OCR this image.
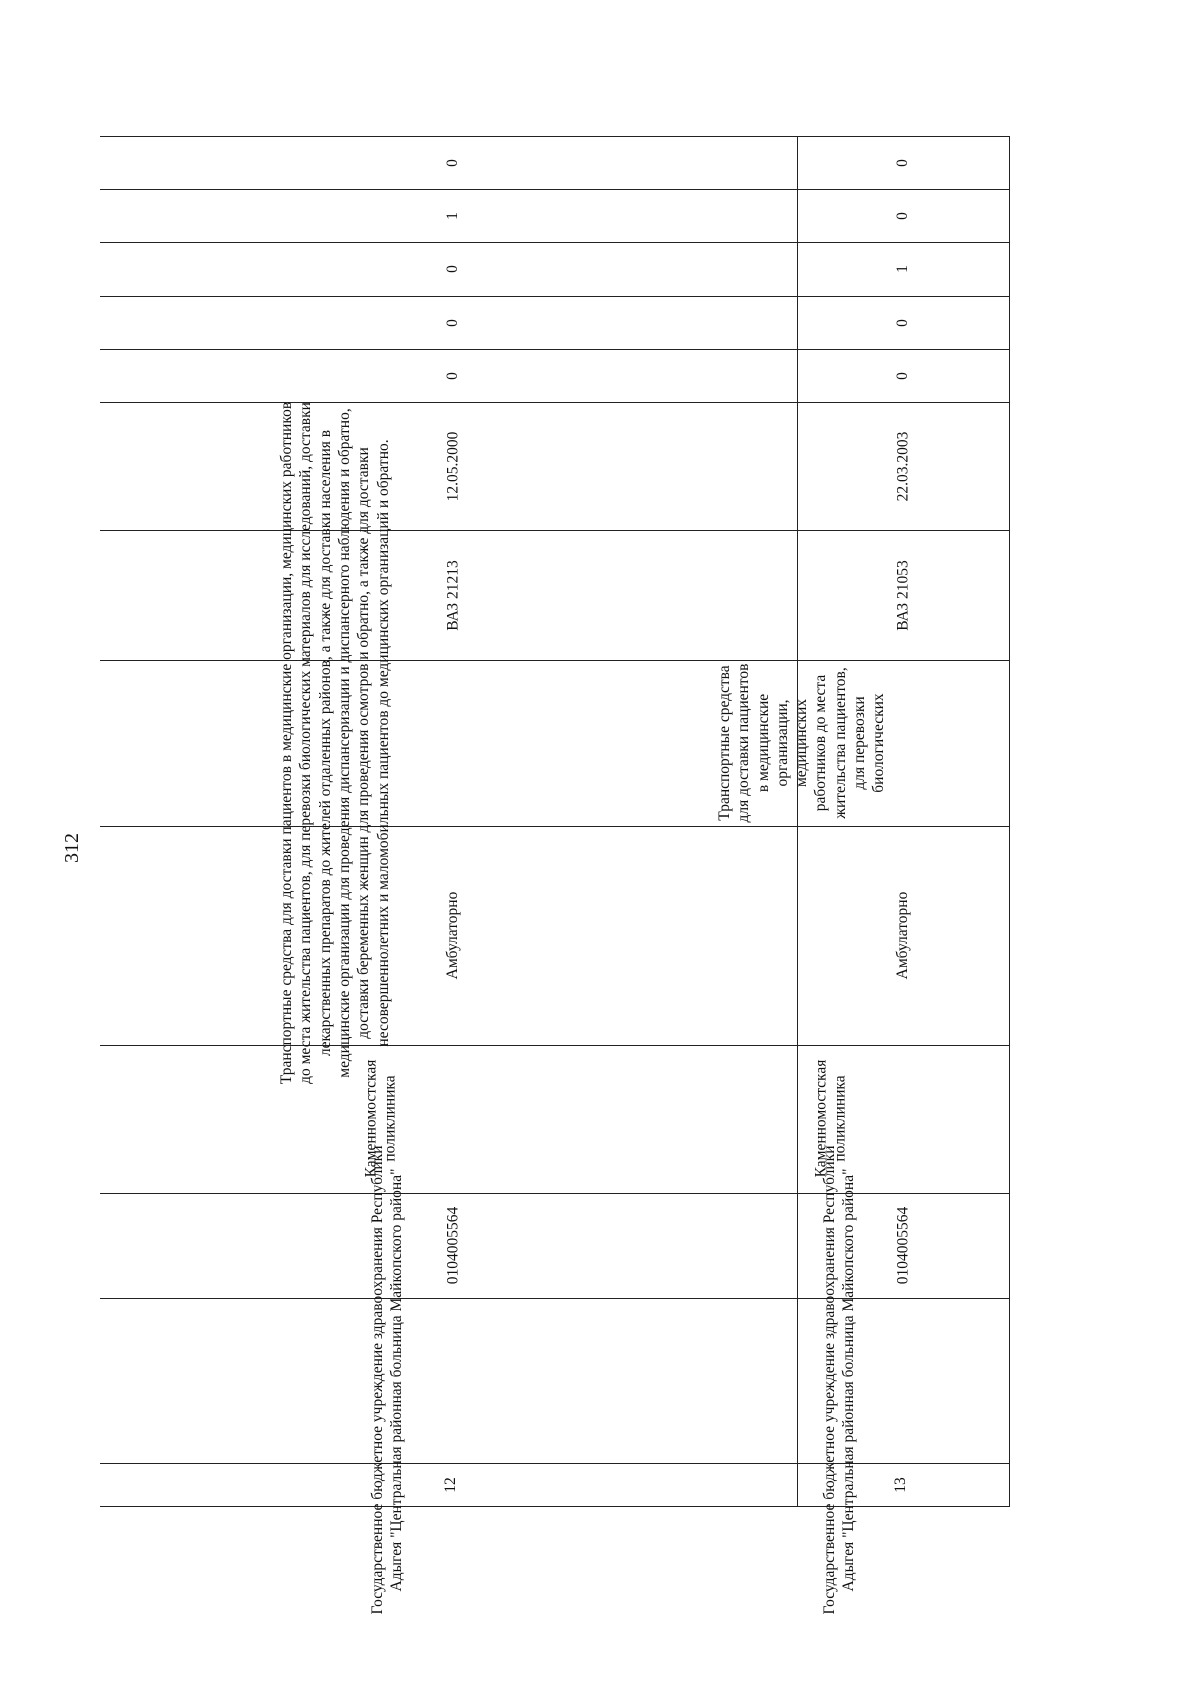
312
12
Государственное бюджетное учреждение здравоохранения Республики Адыгея "Центральная районная больница Майкопского района"	0104005564
Каменномостская поликлиника
Амбулаторно
Транспортные средства для доставки пациентов в медицинские организации, медицинских работников до места жительства пациентов, для перевозки биологических материалов для исследований, доставки лекарственных препаратов до жителей отдаленных районов, а также для доставки населения в медицинские организации для проведения диспансеризации и диспансерного наблюдения и обратно, доставки беременных женщин для проведения осмотров и обратно, а также для доставки несовершеннолетних и маломобильных пациентов до медицинских организаций и обратно.	ВАЗ 21213
12.05.2000
0
0
0
1
0
13
Государственное бюджетное учреждение здравоохранения Республики Адыгея "Центральная районная больница Майкопского района" 0104005564
Каменномостская поликлиника
Амбулаторно
Транспортные средства для доставки пациентов в медицинские организации, медицинских работников до места жительства пациентов, для перевозки биологических
ВАЗ 21053
22.03.2003
0
0
1
0
0
